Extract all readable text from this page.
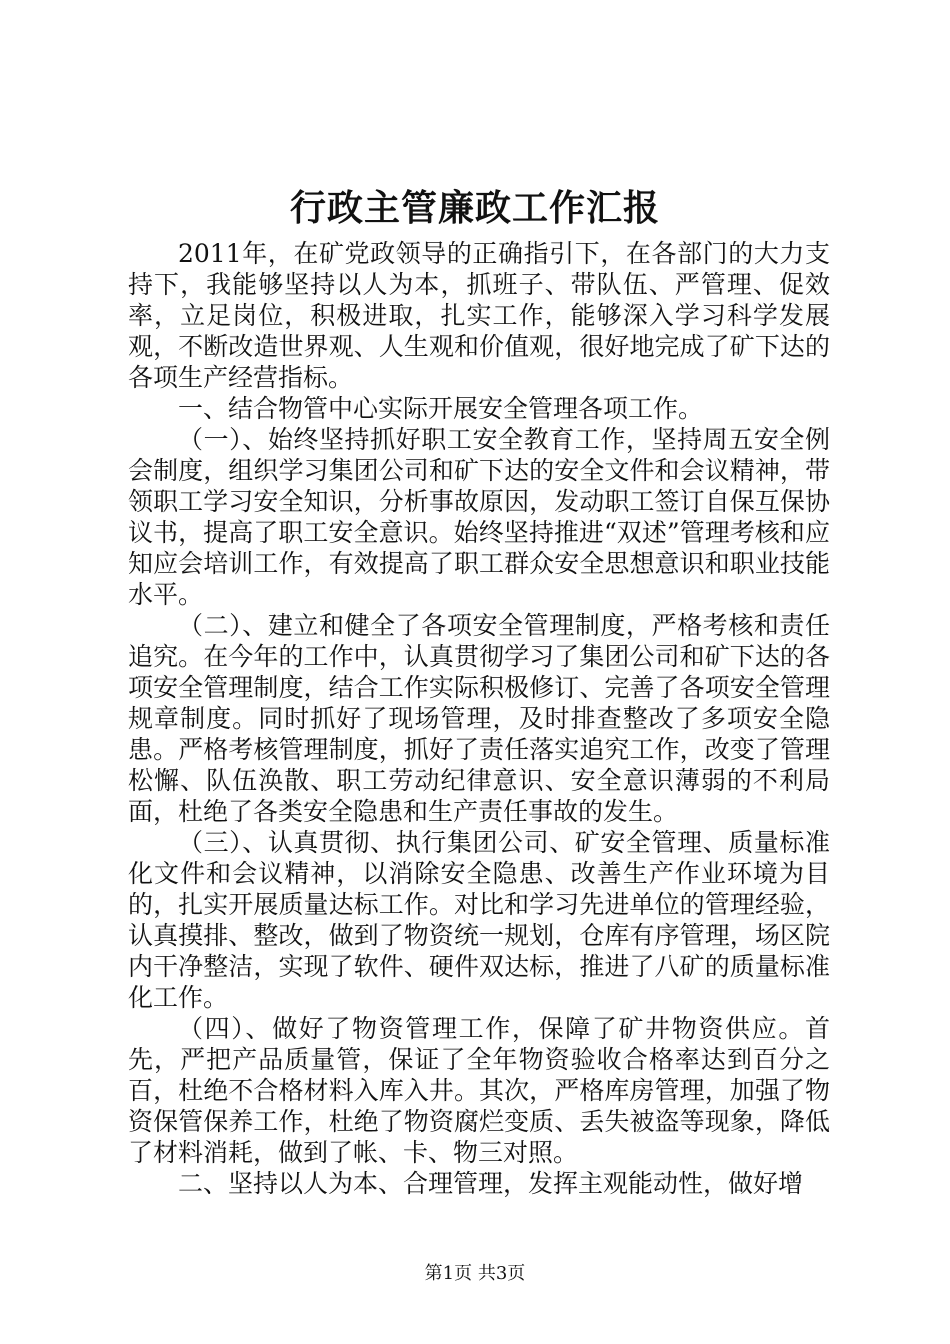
行政主管廉政工作汇报

2011年，在矿党政领导的正确指引下，在各部门的大力支持下，我能够坚持以人为本，抓班子、带队伍、严管理、促效率，立足岗位，积极进取，扎实工作，能够深入学习科学发展观，不断改造世界观、人生观和价值观，很好地完成了矿下达的各项生产经营指标。

一、结合物管中心实际开展安全管理各项工作。

（一）、始终坚持抓好职工安全教育工作，坚持周五安全例会制度，组织学习集团公司和矿下达的安全文件和会议精神，带领职工学习安全知识，分析事故原因，发动职工签订自保互保协议书，提高了职工安全意识。始终坚持推进“双述”管理考核和应知应会培训工作，有效提高了职工群众安全思想意识和职业技能水平。

（二）、建立和健全了各项安全管理制度，严格考核和责任追究。在今年的工作中，认真贯彻学习了集团公司和矿下达的各项安全管理制度，结合工作实际积极修订、完善了各项安全管理规章制度。同时抓好了现场管理，及时排查整改了多项安全隐患。严格考核管理制度，抓好了责任落实追究工作，改变了管理松懈、队伍涣散、职工劳动纪律意识、安全意识薄弱的不利局面，杜绝了各类安全隐患和生产责任事故的发生。

（三）、认真贯彻、执行集团公司、矿安全管理、质量标准化文件和会议精神，以消除安全隐患、改善生产作业环境为目的，扎实开展质量达标工作。对比和学习先进单位的管理经验，认真摸排、整改，做到了物资统一规划，仓库有序管理，场区院内干净整洁，实现了软件、硬件双达标，推进了八矿的质量标准化工作。

（四）、做好了物资管理工作，保障了矿井物资供应。首先，严把产品质量管，保证了全年物资验收合格率达到百分之百，杜绝不合格材料入库入井。其次，严格库房管理，加强了物资保管保养工作，杜绝了物资腐烂变质、丢失被盗等现象，降低了材料消耗，做到了帐、卡、物三对照。

二、坚持以人为本、合理管理，发挥主观能动性，做好增

第1页 共3页
